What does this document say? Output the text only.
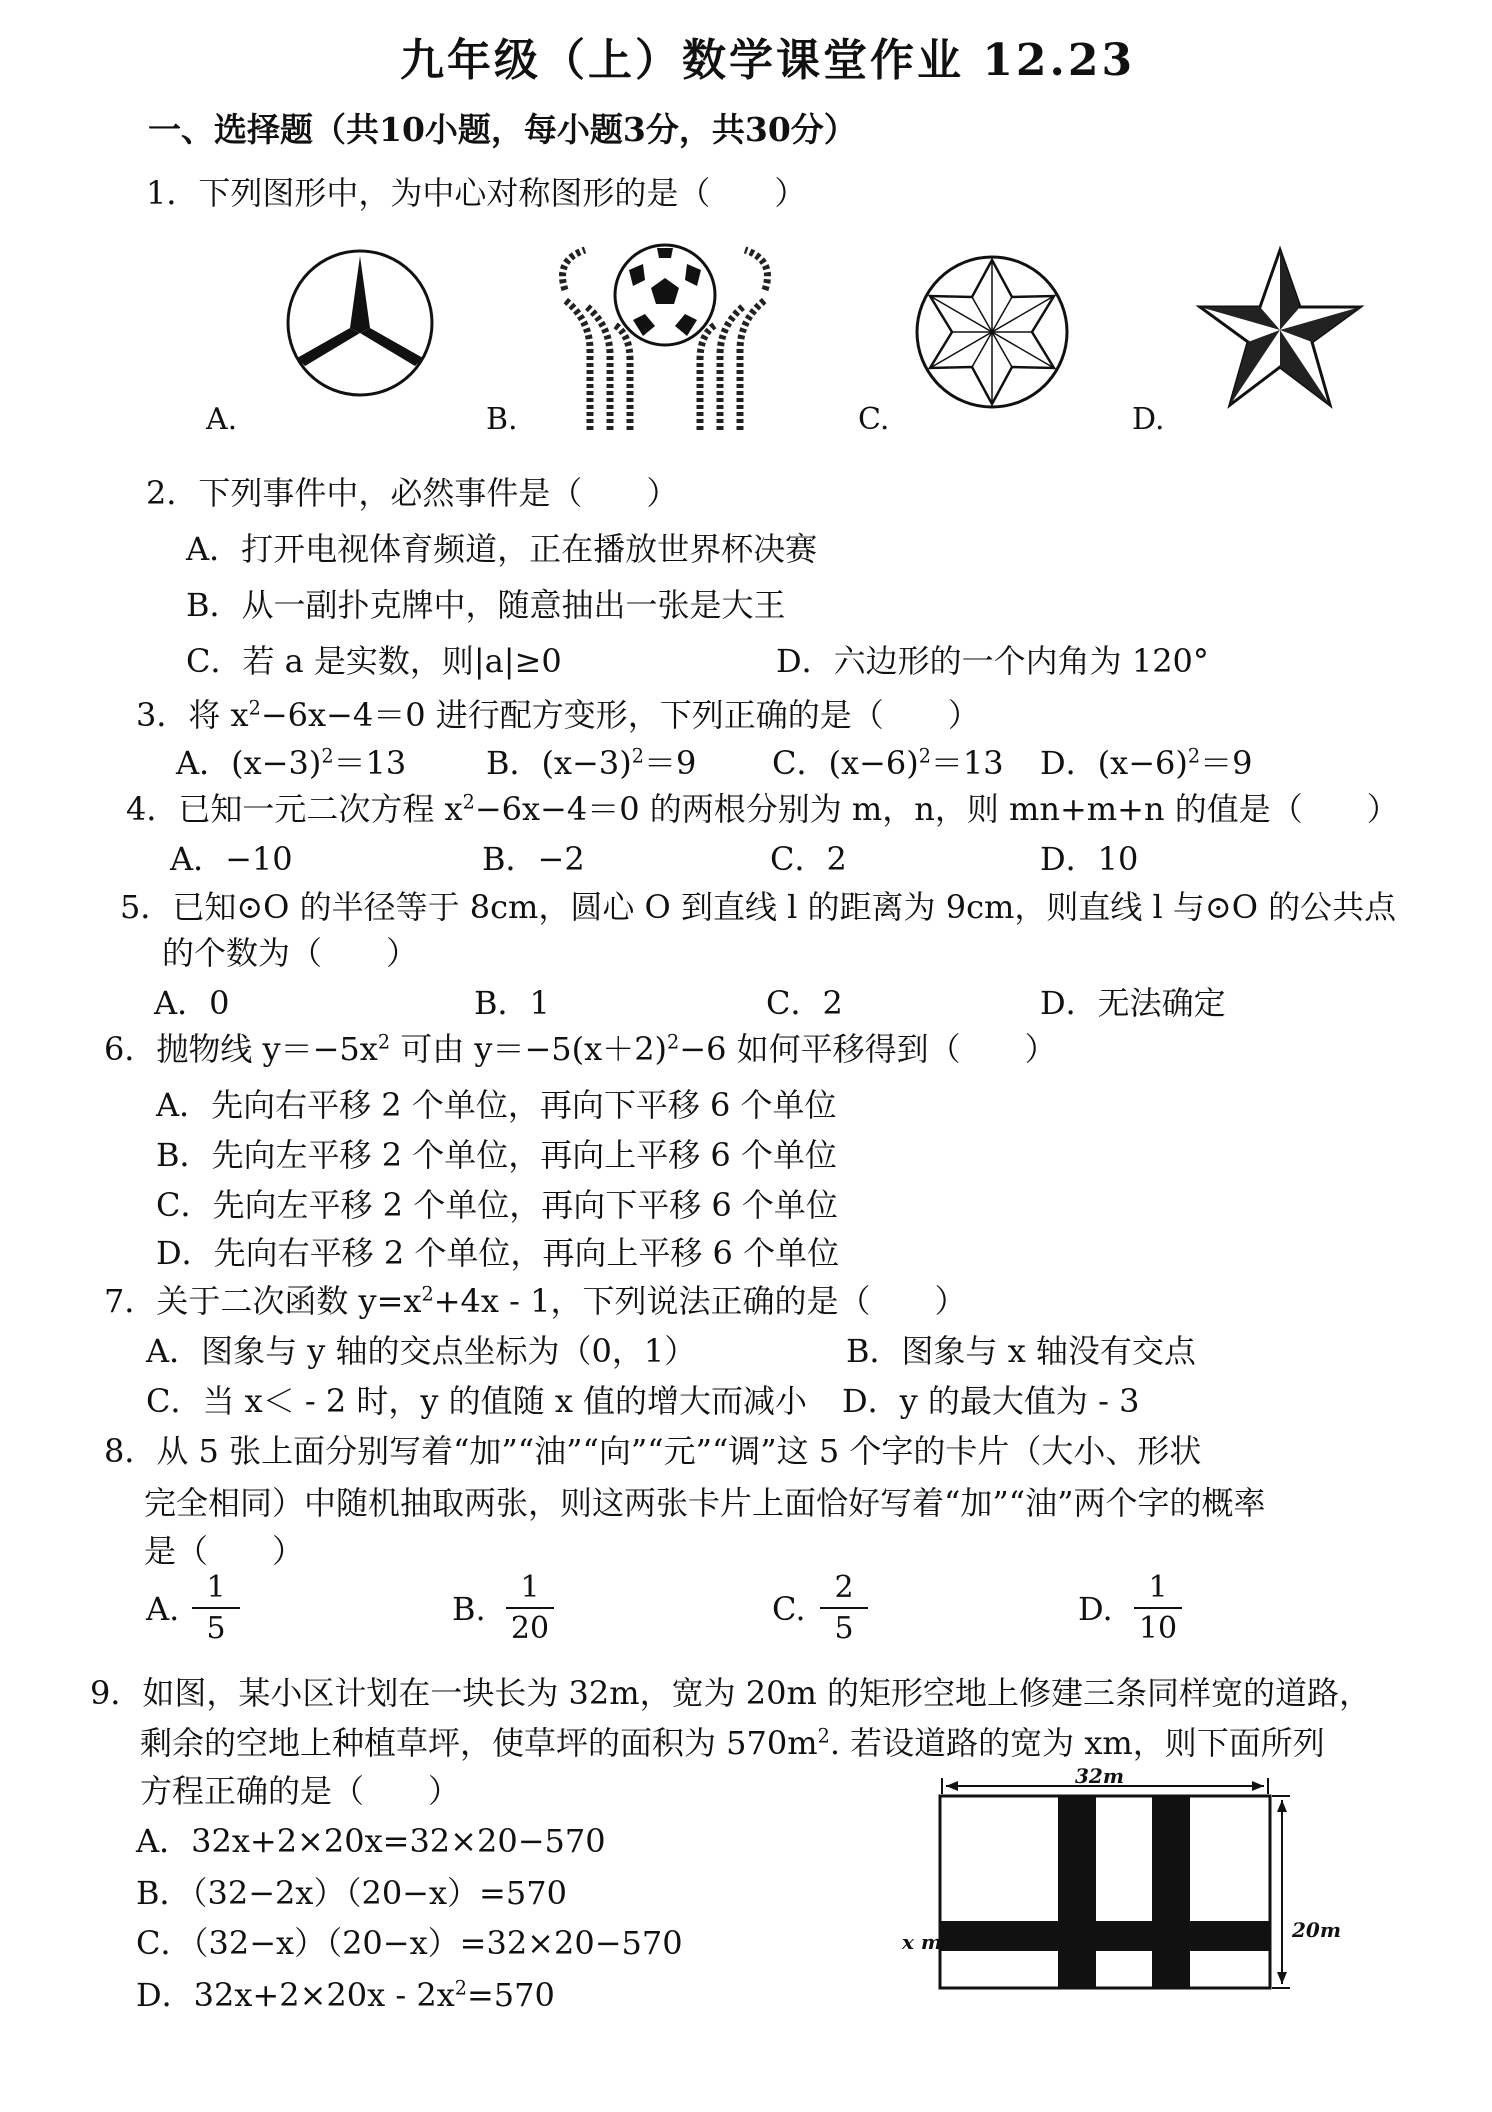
九年级（上）数学课堂作业 12.23
一、选择题（共10小题，每小题3分，共30分）
1．下列图形中，为中心对称图形的是（　　）
A.	B.	C.	D.
2．下列事件中，必然事件是（　　）
A．打开电视体育频道，正在播放世界杯决赛
B．从一副扑克牌中，随意抽出一张是大王
C．若 a 是实数，则|a|≥0	D．六边形的一个内角为 120°
3．将 $x^2-6x-4=0$ 进行配方变形，下列正确的是（　　）
A．$(x-3)^2=13$ B．$(x-3)^2=9$ C．$(x-6)^2=13$ D．$(x-6)^2=9$
4．已知一元二次方程 $x^2-6x-4=0$ 的两根分别为 m，n，则 mn+m+n 的值是（　　）
A．−10	B．−2	C．2	D．10
5．已知⊙O 的半径等于 8cm，圆心 O 到直线 l 的距离为 9cm，则直线 l 与⊙O 的公共点
的个数为（　　）
A．0	B．1	C．2	D．无法确定
6．抛物线 $y=-5x^2$ 可由 $y=-5(x+2)^2-6$ 如何平移得到（　　）
A．先向右平移 2 个单位，再向下平移 6 个单位
B．先向左平移 2 个单位，再向上平移 6 个单位
C．先向左平移 2 个单位，再向下平移 6 个单位
D．先向右平移 2 个单位，再向上平移 6 个单位
7．关于二次函数 $y=x^2+4x - 1$，下列说法正确的是（　　）
A．图象与 y 轴的交点坐标为（0，1）	B．图象与 x 轴没有交点
C．当 x＜ - 2 时，y 的值随 x 值的增大而减小 D．y 的最大值为 - 3
8．从 5 张上面分别写着“加”“油”“向”“元”“调”这 5 个字的卡片（大小、形状
完全相同）中随机抽取两张，则这两张卡片上面恰好写着“加”“油”两个字的概率
是（　　）
A.
1
5
B.
1
20
C.
2
5
D.
1
10
9．如图，某小区计划在一块长为 32m，宽为 20m 的矩形空地上修建三条同样宽的道路，
剩余的空地上种植草坪，使草坪的面积为 $570m^2$. 若设道路的宽为 xm，则下面所列
方程正确的是（　　）
A．32x+2×20x=32×20−570
B．（32−2x）（20−x）=570
C．（32−x）（20−x）=32×20−570
D．$32x+2\times 20x - 2x^2=570$
32m
20m
x m
